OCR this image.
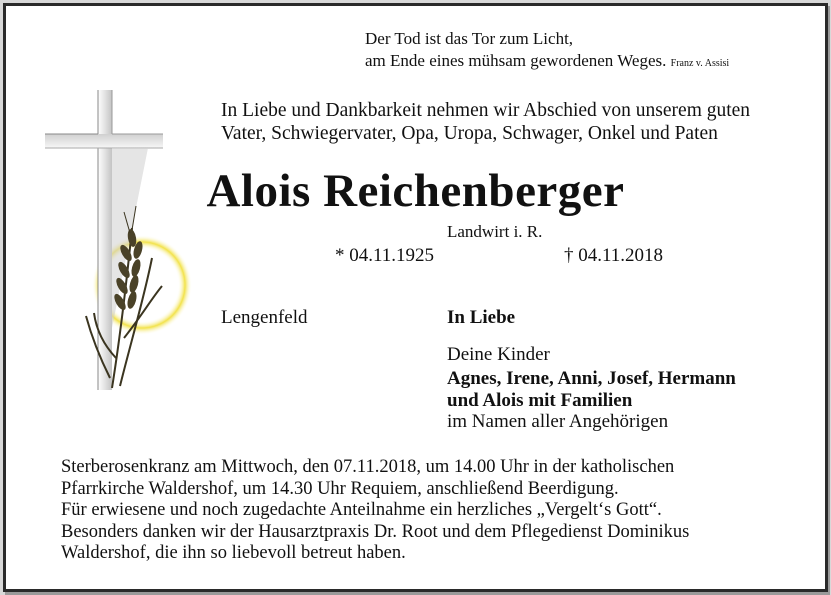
Der Tod ist das Tor zum Licht,
am Ende eines mühsam gewordenen Weges. Franz v. Assisi
In Liebe und Dankbarkeit nehmen wir Abschied von unserem guten
Vater, Schwiegervater, Opa, Uropa, Schwager, Onkel und Paten
Alois Reichenberger
Landwirt i. R.
* 04.11.1925	† 04.11.2018
Lengenfeld	In Liebe
Deine Kinder
Agnes, Irene, Anni, Josef, Hermann
und Alois mit Familien
im Namen aller Angehörigen
Sterberosenkranz am Mittwoch, den 07.11.2018, um 14.00 Uhr in der katholischen
Pfarrkirche Waldershof, um 14.30 Uhr Requiem, anschließend Beerdigung.
Für erwiesene und noch zugedachte Anteilnahme ein herzliches „Vergelt‘s Gott“.
Besonders danken wir der Hausarztpraxis Dr. Root und dem Pflegedienst Dominikus
Waldershof, die ihn so liebevoll betreut haben.
